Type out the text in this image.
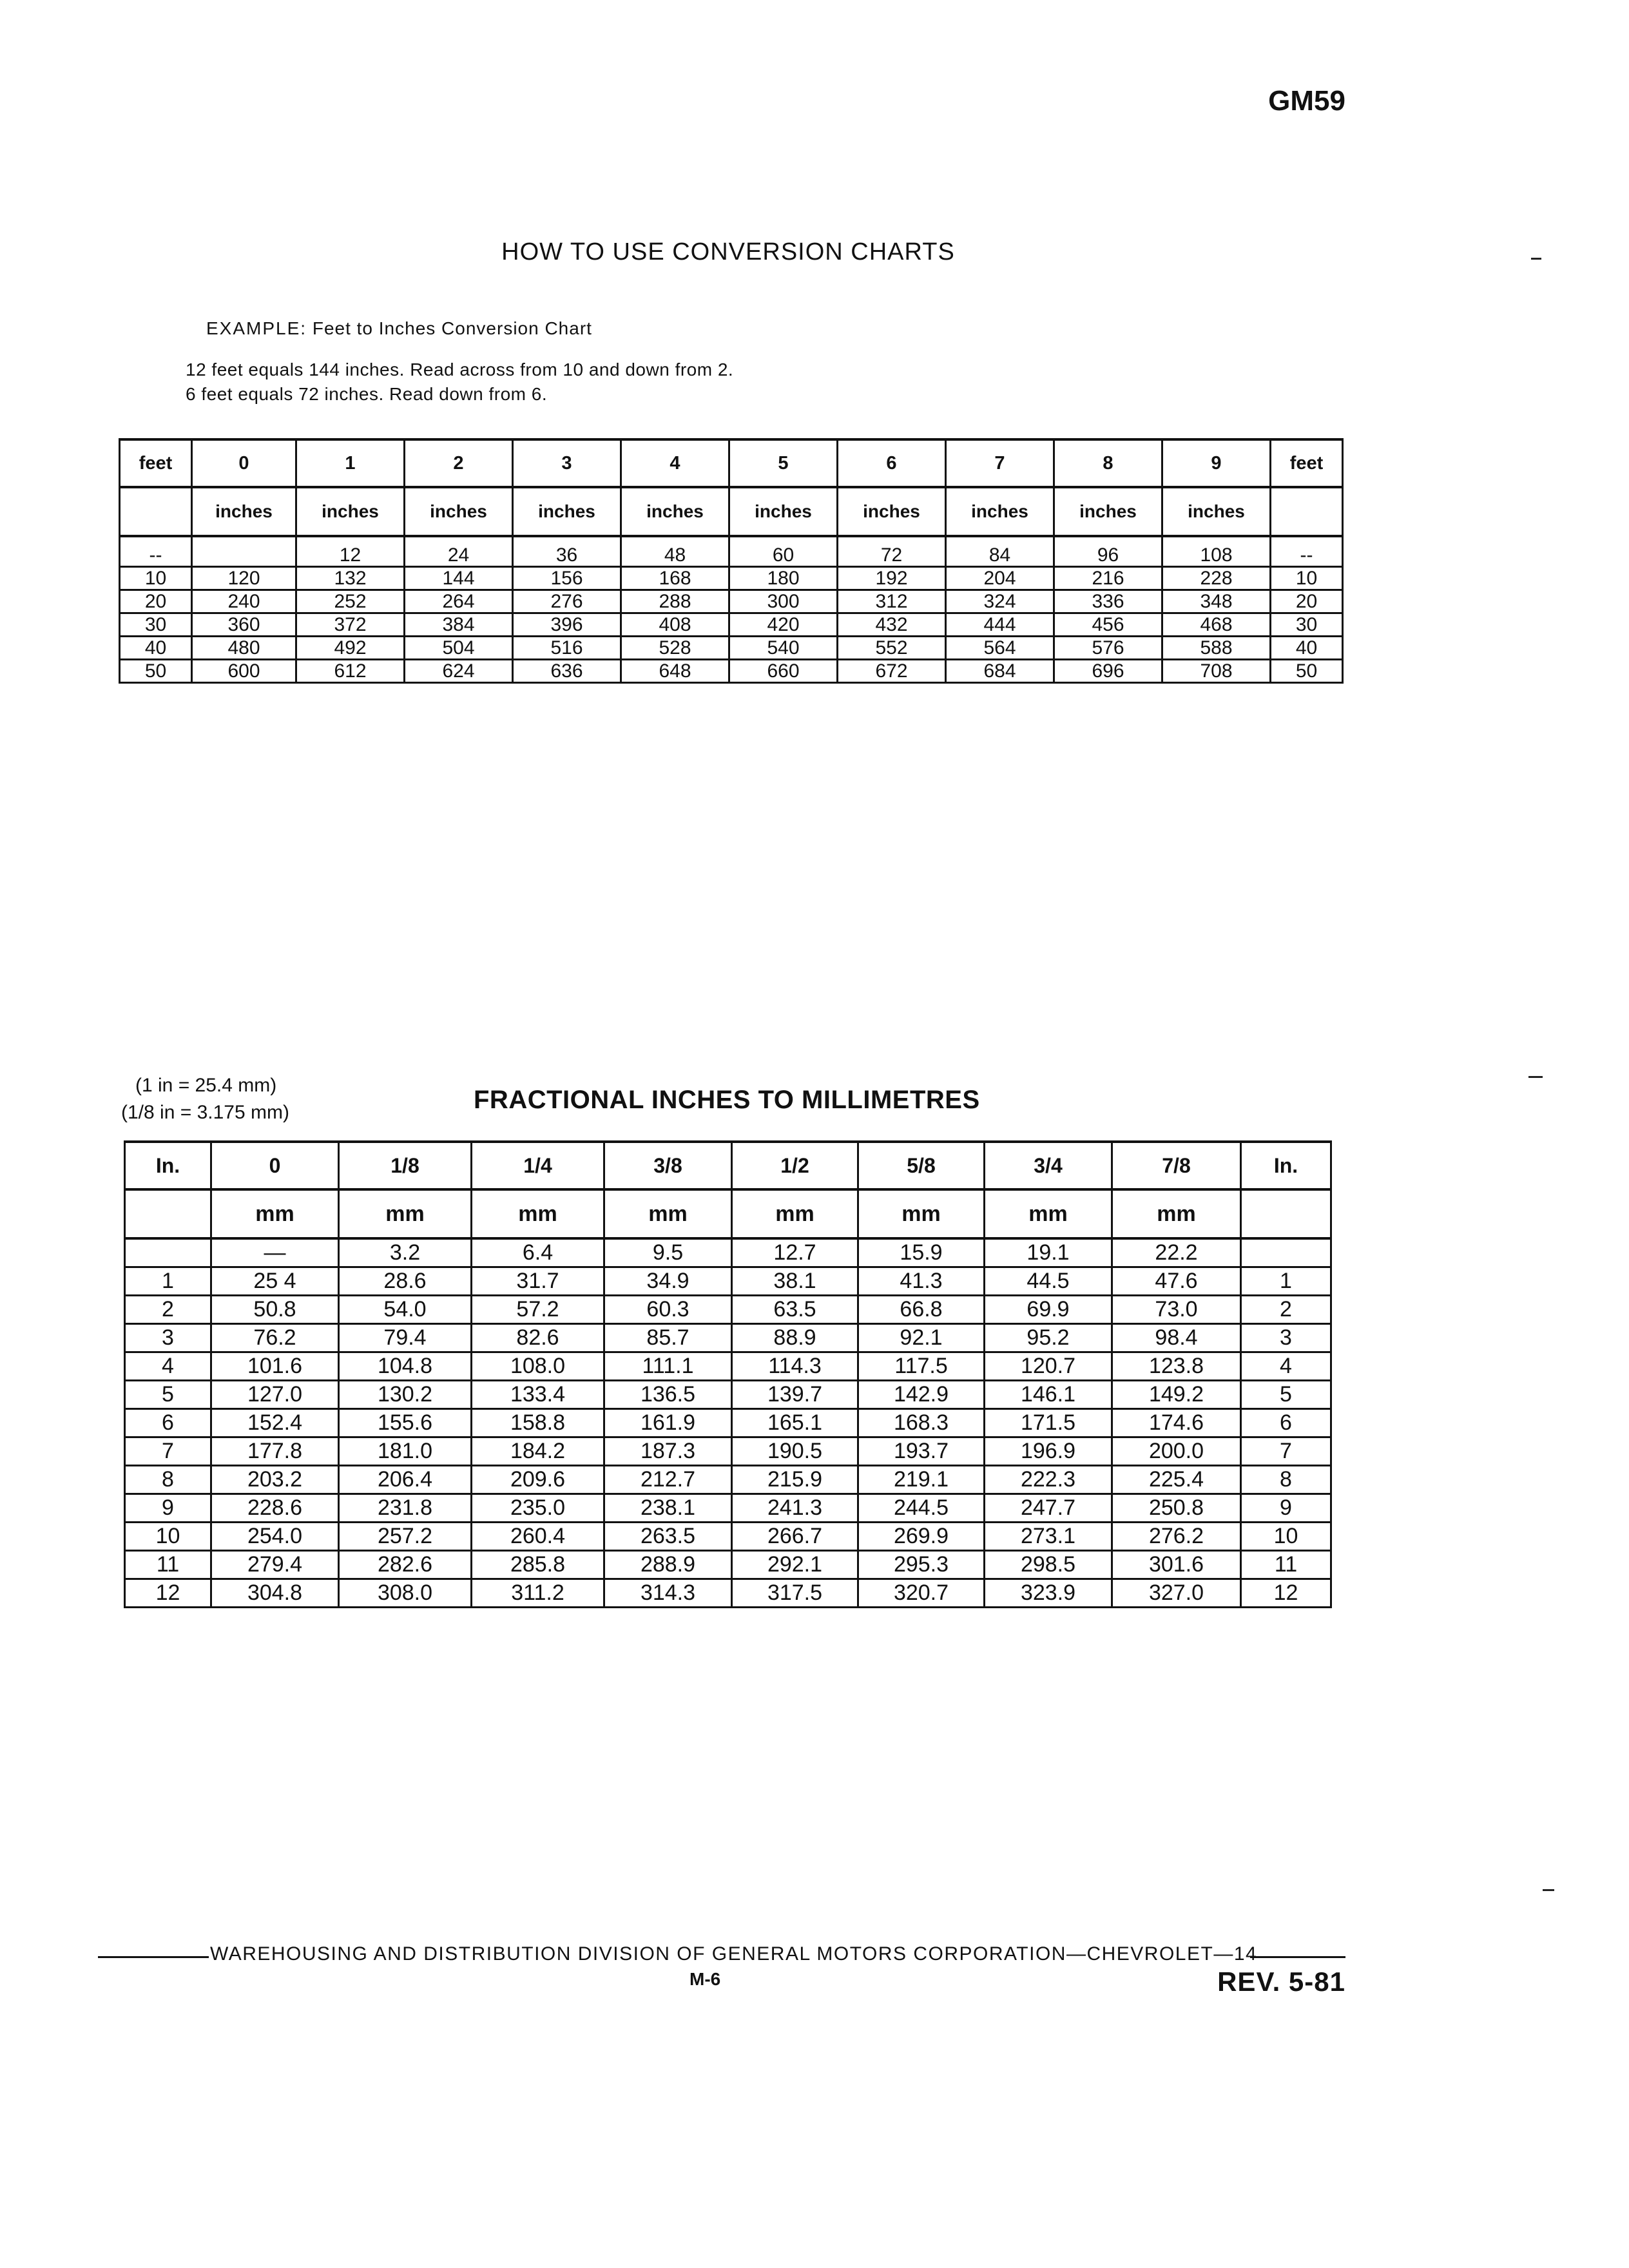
GM59
HOW TO USE CONVERSION CHARTS
EXAMPLE: Feet to Inches Conversion Chart
12 feet equals 144 inches. Read across from 10 and down from 2.
6 feet equals 72 inches. Read down from 6.
feet	0	1	2	3	4	5	6	7	8	9	feet
	inches	inches	inches	inches	inches	inches	inches	inches	inches	inches	
--		12	24	36	48	60	72	84	96	108	--
10	120	132	144	156	168	180	192	204	216	228	10
20	240	252	264	276	288	300	312	324	336	348	20
30	360	372	384	396	408	420	432	444	456	468	30
40	480	492	504	516	528	540	552	564	576	588	40
50	600	612	624	636	648	660	672	684	696	708	50
(1 in = 25.4 mm)
(1/8 in = 3.175 mm)	FRACTIONAL INCHES TO MILLIMETRES
In.	0	1/8	1/4	3/8	1/2	5/8	3/4	7/8	In.
	mm	mm	mm	mm	mm	mm	mm	mm	
	—	3.2	6.4	9.5	12.7	15.9	19.1	22.2	
1	25 4	28.6	31.7	34.9	38.1	41.3	44.5	47.6	1
2	50.8	54.0	57.2	60.3	63.5	66.8	69.9	73.0	2
3	76.2	79.4	82.6	85.7	88.9	92.1	95.2	98.4	3
4	101.6	104.8	108.0	111.1	114.3	117.5	120.7	123.8	4
5	127.0	130.2	133.4	136.5	139.7	142.9	146.1	149.2	5
6	152.4	155.6	158.8	161.9	165.1	168.3	171.5	174.6	6
7	177.8	181.0	184.2	187.3	190.5	193.7	196.9	200.0	7
8	203.2	206.4	209.6	212.7	215.9	219.1	222.3	225.4	8
9	228.6	231.8	235.0	238.1	241.3	244.5	247.7	250.8	9
10	254.0	257.2	260.4	263.5	266.7	269.9	273.1	276.2	10
11	279.4	282.6	285.8	288.9	292.1	295.3	298.5	301.6	11
12	304.8	308.0	311.2	314.3	317.5	320.7	323.9	327.0	12
WAREHOUSING AND DISTRIBUTION DIVISION OF GENERAL MOTORS CORPORATION—CHEVROLET—14
M-6	REV. 5-81
